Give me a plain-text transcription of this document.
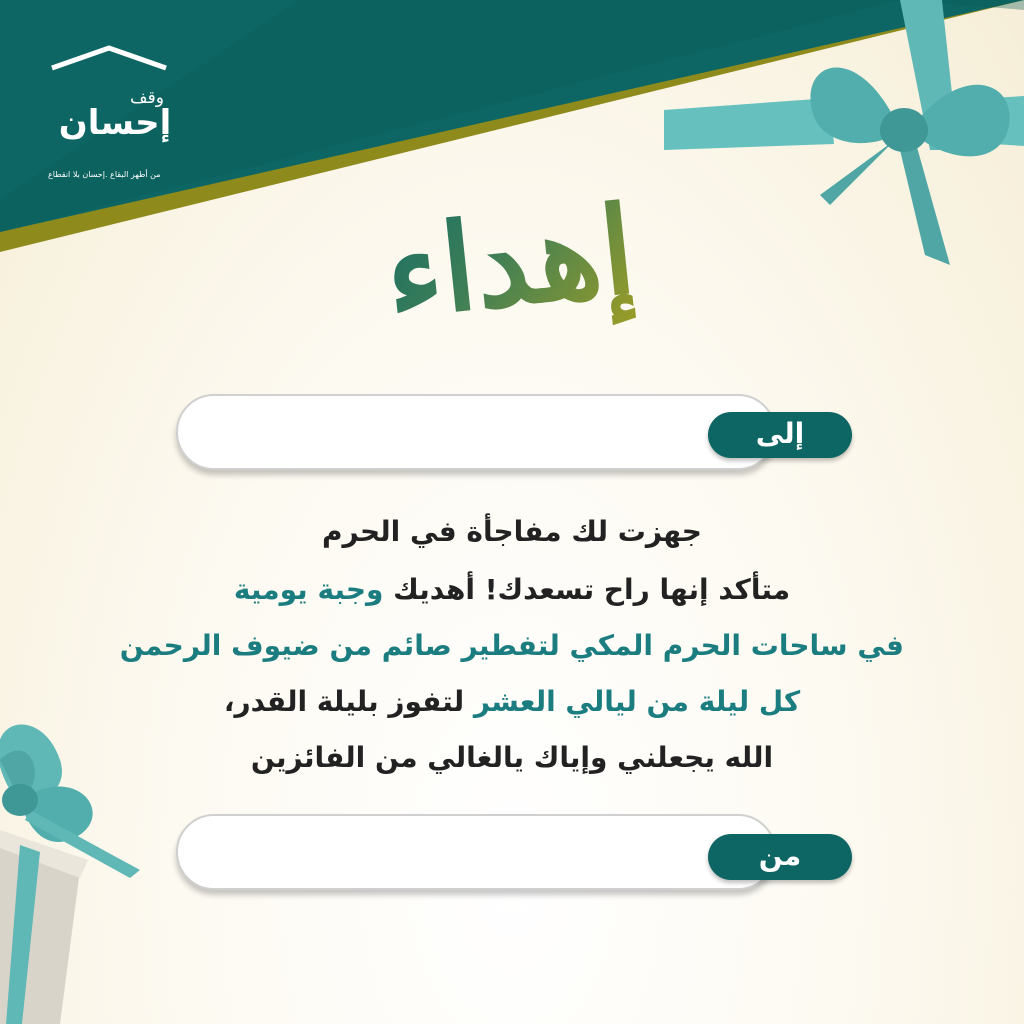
وقف
إحسان
من أطهر البقاع .إحسان بلا انقطاع
إهداء
إلى
جهزت لك مفاجأة في الحرم
متأكد إنها راح تسعدك! أهديك وجبة يومية
في ساحات الحرم المكي لتفطير صائم من ضيوف الرحمن
كل ليلة من ليالي العشر لتفوز بليلة القدر،
الله يجعلني وإياك يالغالي من الفائزين
من
